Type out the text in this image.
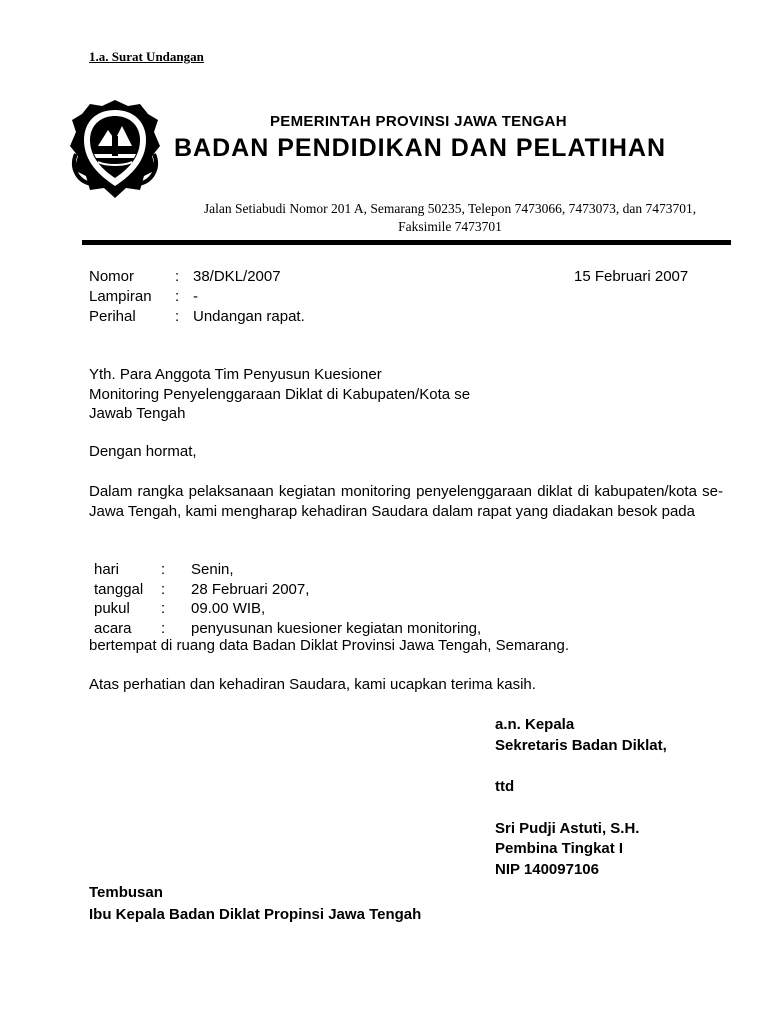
1.a. Surat Undangan
PEMERINTAH PROVINSI JAWA TENGAH
BADAN PENDIDIKAN DAN PELATIHAN
Jalan Setiabudi Nomor 201 A, Semarang 50235, Telepon 7473066, 7473073, dan 7473701, Faksimile 7473701
Nomor	: 38/DKL/2007
Lampiran	: -
Perihal	: Undangan rapat.
15 Februari 2007
Yth. Para Anggota Tim Penyusun Kuesioner
Monitoring Penyelenggaraan Diklat di Kabupaten/Kota se
Jawab Tengah
Dengan hormat,
Dalam rangka pelaksanaan kegiatan monitoring penyelenggaraan diklat di kabupaten/kota se-Jawa Tengah, kami mengharap kehadiran Saudara dalam rapat yang diadakan besok pada
hari	:	Senin,
tanggal	:	28 Februari 2007,
pukul	:	09.00 WIB,
acara	:	penyusunan kuesioner kegiatan monitoring,
bertempat di ruang data Badan Diklat Provinsi Jawa Tengah, Semarang.
Atas perhatian dan kehadiran Saudara, kami ucapkan terima kasih.
a.n. Kepala
Sekretaris Badan Diklat,
ttd
Sri Pudji Astuti, S.H.
Pembina Tingkat I
NIP 140097106
Tembusan
Ibu Kepala Badan Diklat Propinsi Jawa Tengah
